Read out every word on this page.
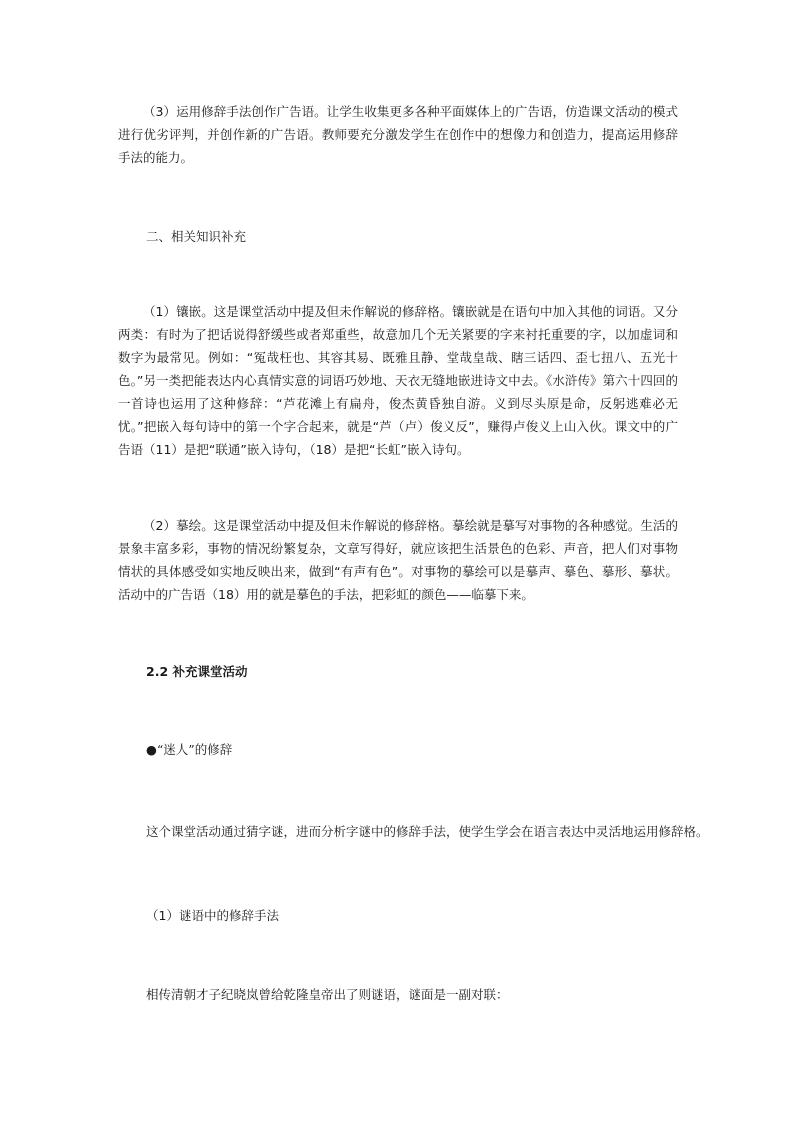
（3）运用修辞手法创作广告语。让学生收集更多各种平面媒体上的广告语，仿造课文活动的模式进行优劣评判，并创作新的广告语。教师要充分激发学生在创作中的想像力和创造力，提高运用修辞手法的能力。

二、相关知识补充

（1）镶嵌。这是课堂活动中提及但未作解说的修辞格。镶嵌就是在语句中加入其他的词语。又分两类：有时为了把话说得舒缓些或者郑重些，故意加几个无关紧要的字来衬托重要的字，以加虚词和数字为最常见。例如：“冤哉枉也、其容其易、既雅且静、堂哉皇哉、瞎三话四、歪七扭八、五光十色。”另一类把能表达内心真情实意的词语巧妙地、天衣无缝地嵌进诗文中去。《水浒传》第六十四回的一首诗也运用了这种修辞：“芦花滩上有扁舟，俊杰黄昏独自游。义到尽头原是命，反躬逃难必无忧。”把嵌入每句诗中的第一个字合起来，就是“芦（卢）俊义反”，赚得卢俊义上山入伙。课文中的广告语（11）是把“联通”嵌入诗句，（18）是把“长虹”嵌入诗句。

（2）摹绘。这是课堂活动中提及但未作解说的修辞格。摹绘就是摹写对事物的各种感觉。生活的景象丰富多彩，事物的情况纷繁复杂，文章写得好，就应该把生活景色的色彩、声音，把人们对事物情状的具体感受如实地反映出来，做到“有声有色”。对事物的摹绘可以是摹声、摹色、摹形、摹状。活动中的广告语（18）用的就是摹色的手法，把彩虹的颜色——临摹下来。

2.2 补充课堂活动

●“迷人”的修辞

这个课堂活动通过猜字谜，进而分析字谜中的修辞手法，使学生学会在语言表达中灵活地运用修辞格。

（1）谜语中的修辞手法

相传清朝才子纪晓岚曾给乾隆皇帝出了则谜语，谜面是一副对联：
